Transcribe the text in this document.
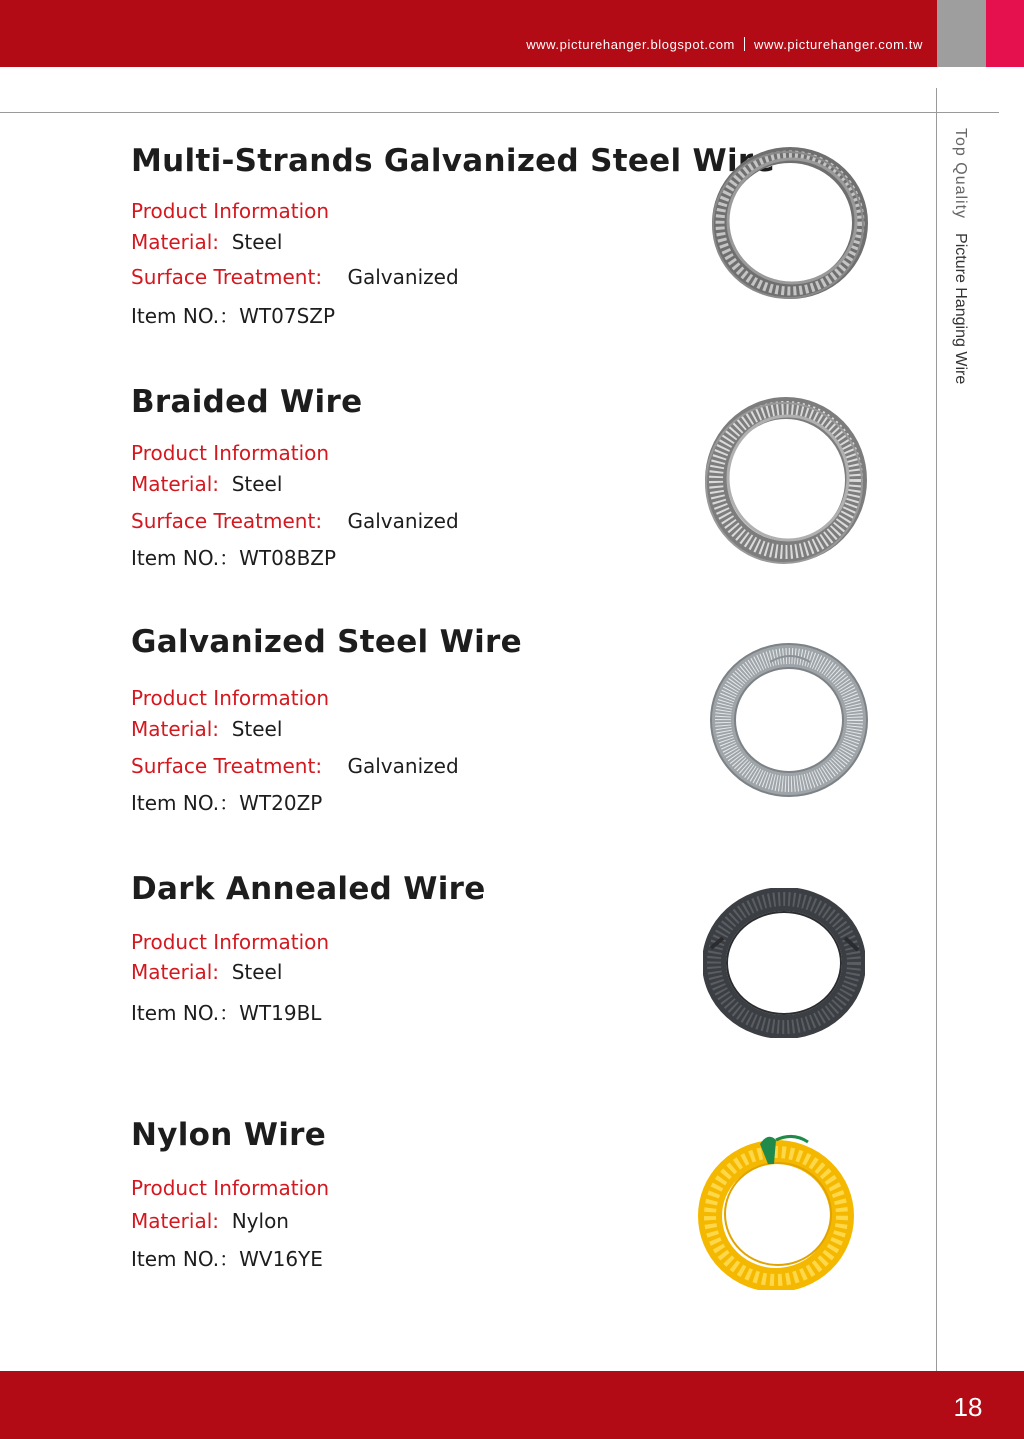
www.picturehanger.blogspot.com www.picturehanger.com.tw
Top QualityPicture Hanging Wire
Multi-Strands Galvanized Steel Wire
Product Information
Material: Steel
Surface Treatment: Galvanized
Item NO.：WT07SZP
Braided Wire
Product Information
Material: Steel
Surface Treatment: Galvanized
Item NO.：WT08BZP
Galvanized Steel Wire
Product Information
Material: Steel
Surface Treatment: Galvanized
Item NO.：WT20ZP
Dark Annealed Wire
Product Information
Material: Steel
Item NO.：WT19BL
Nylon Wire
Product Information
Material: Nylon
Item NO.：WV16YE
18
